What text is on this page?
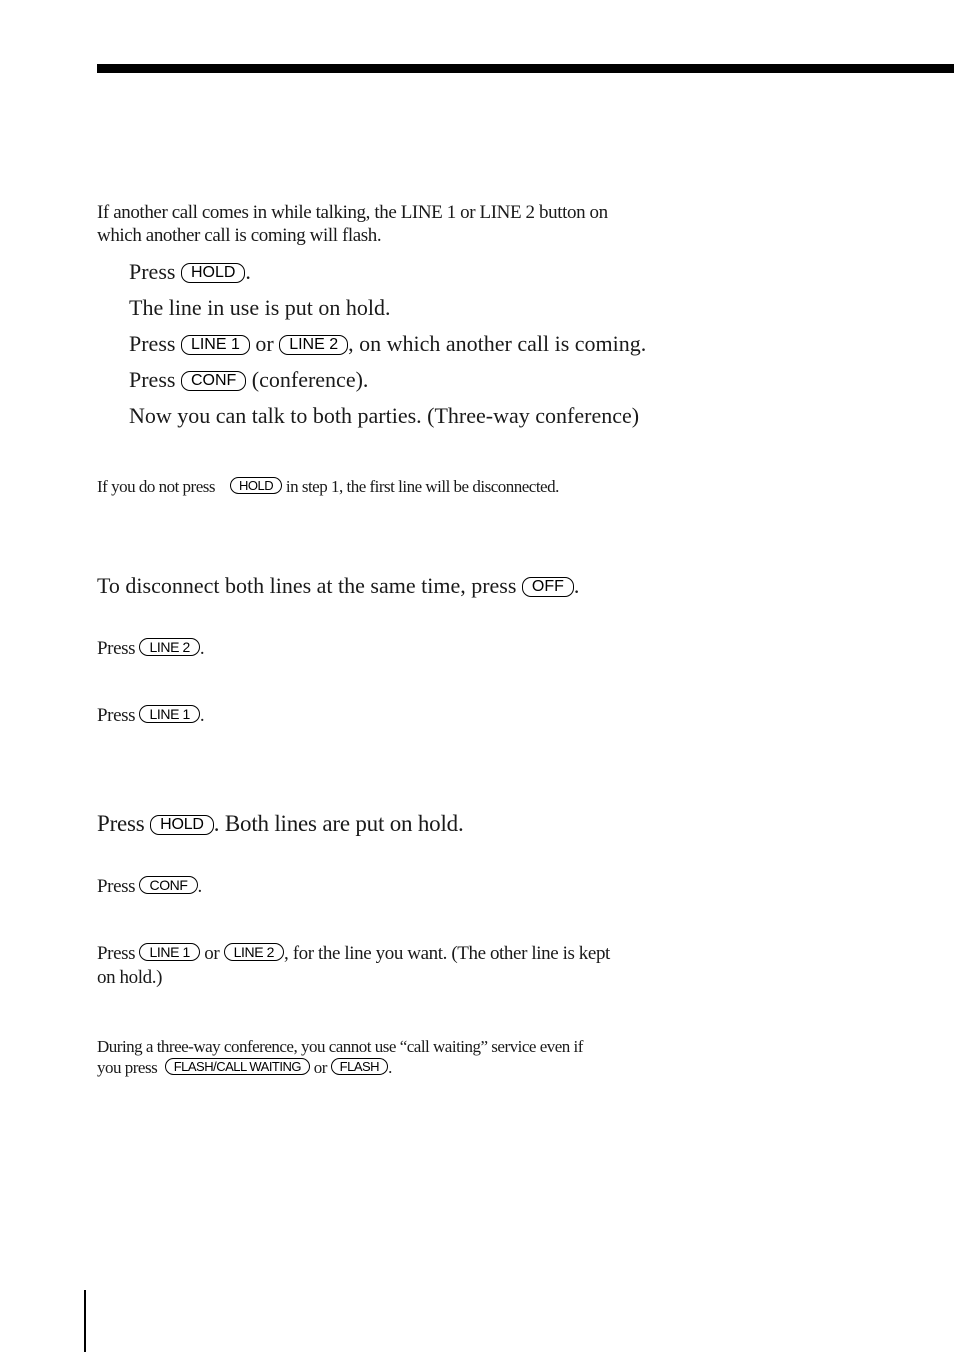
If another call comes in while talking, the LINE 1 or LINE 2 button on
which another call is coming will flash.
Press HOLD .
The line in use is put on hold.
Press LINE 1 or LINE 2 , on which another call is coming.
Press CONF (conference).
Now you can talk to both parties. (Three-way conference)
If you do not press HOLD in step 1, the first line will be disconnected.
To disconnect both lines at the same time, press OFF .
Press LINE 2 .
Press LINE 1 .
Press HOLD . Both lines are put on hold.
Press CONF .
Press LINE 1 or LINE 2 , for the line you want. (The other line is kept
on hold.)
During a three-way conference, you cannot use “call waiting” service even if
you press FLASH/CALL WAITING or FLASH .
